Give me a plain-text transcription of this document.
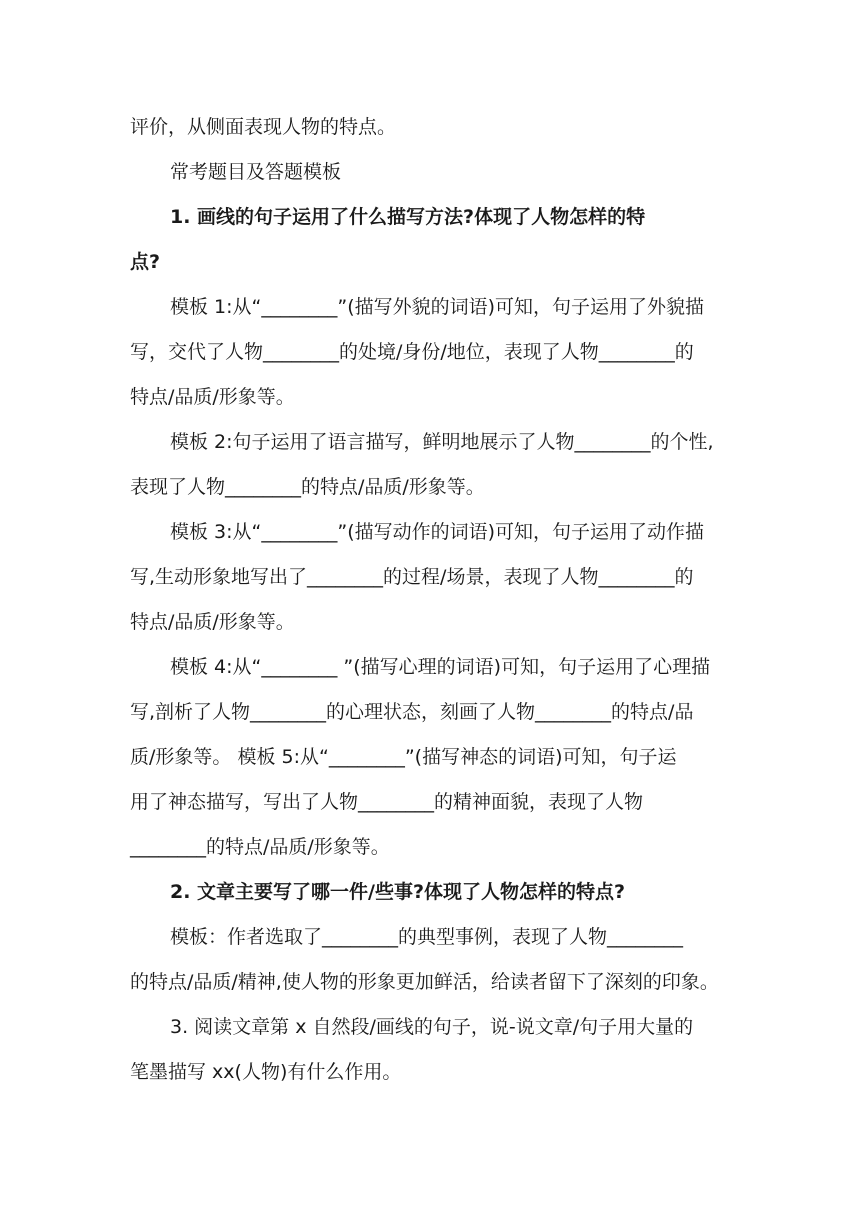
评价，从侧面表现人物的特点。
常考题目及答题模板
1. 画线的句子运用了什么描写方法?体现了人物怎样的特
点?
模板 1:从“________”(描写外貌的词语)可知，句子运用了外貌描
写，交代了人物________的处境/身份/地位，表现了人物________的
特点/品质/形象等。
模板 2:句子运用了语言描写，鲜明地展示了人物________的个性,
表现了人物________的特点/品质/形象等。
模板 3:从“________”(描写动作的词语)可知，句子运用了动作描
写,生动形象地写出了________的过程/场景，表现了人物________的
特点/品质/形象等。
模板 4:从“________ ”(描写心理的词语)可知，句子运用了心理描
写,剖析了人物________的心理状态，刻画了人物________的特点/品
质/形象等。 模板 5:从“________”(描写神态的词语)可知，句子运
用了神态描写，写出了人物________的精神面貌，表现了人物
________的特点/品质/形象等。
2. 文章主要写了哪一件/些事?体现了人物怎样的特点?
模板：作者选取了________的典型事例，表现了人物________
的特点/品质/精神,使人物的形象更加鲜活，给读者留下了深刻的印象。
3. 阅读文章第 x 自然段/画线的句子，说-说文章/句子用大量的
笔墨描写 xx(人物)有什么作用。
